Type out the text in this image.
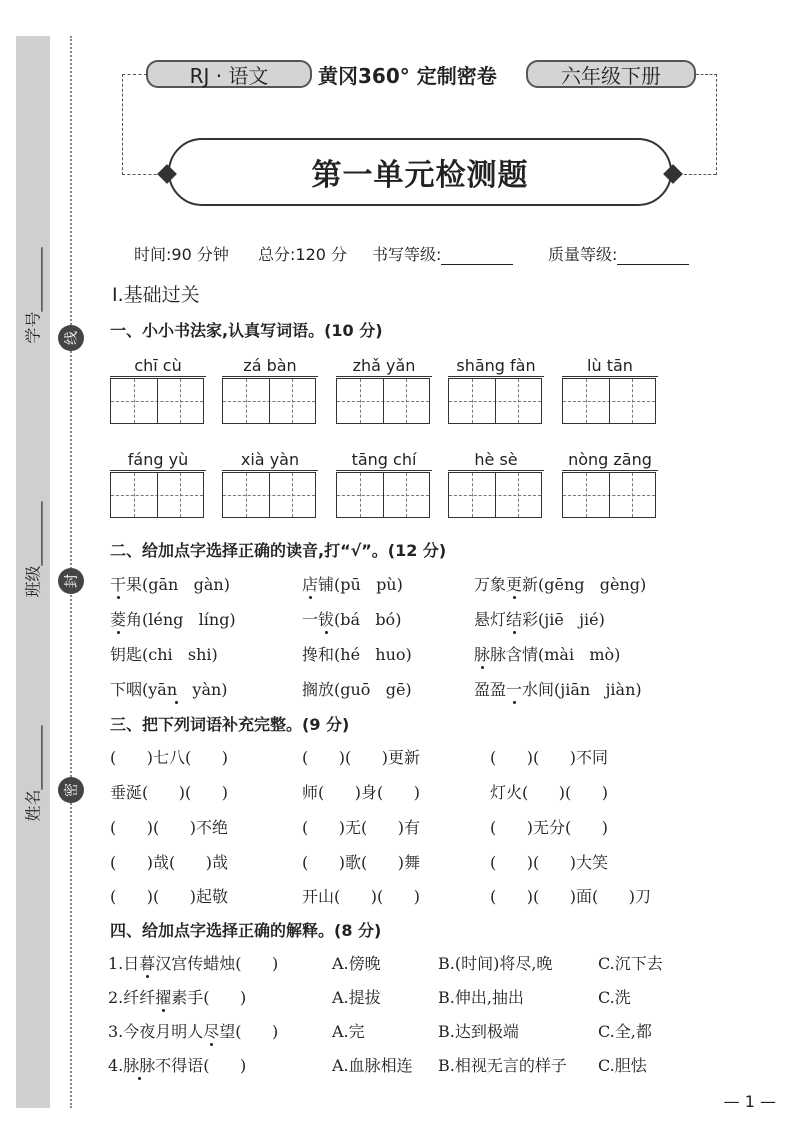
学号________
班级________
姓名________
线
封
密
RJ · 语文	黄冈360° 定制密卷	六年级下册
第一单元检测题
时间:90 分钟 总分:120 分 书写等级:	质量等级:
Ⅰ.基础过关
一、小小书法家,认真写词语。(10 分)
chī cù	zá bàn	zhǎ yǎn	shāng fàn	lù tān
fáng yù	xià yàn	tāng chí	hè sè	nòng zāng
二、给加点字选择正确的读音,打“√”。(12 分)
干果(gān   gàn)	店铺(pū   pù)	万象更新(gēng   gèng)
菱角(léng   líng)	一钹(bá   bó)	悬灯结彩(jiē   jié)
钥匙(chi   shi)	搀和(hé   huo)	脉脉含情(mài   mò)
下咽(yān   yàn)	搁放(guō   gē)	盈盈一水间(jiān   jiàn)
三、把下列词语补充完整。(9 分)
(      )七八(      )	(      )(      )更新	(      )(      )不同
垂涎(      )(      )	师(      )身(      )	灯火(      )(      )
(      )(      )不绝	(      )无(      )有	(      )无分(      )
(      )哉(      )哉	(      )歌(      )舞	(      )(      )大笑
(      )(      )起敬	开山(      )(      )	(      )(      )面(      )刀
四、给加点字选择正确的解释。(8 分)
1.日暮汉宫传蜡烛(      )	A.傍晚	B.(时间)将尽,晚	C.沉下去
2.纤纤擢素手(      )	A.提拔	B.伸出,抽出	C.洗
3.今夜月明人尽望(      )	A.完	B.达到极端	C.全,都
4.脉脉不得语(      )	A.血脉相连 B.相视无言的样子 C.胆怯
— 1 —
